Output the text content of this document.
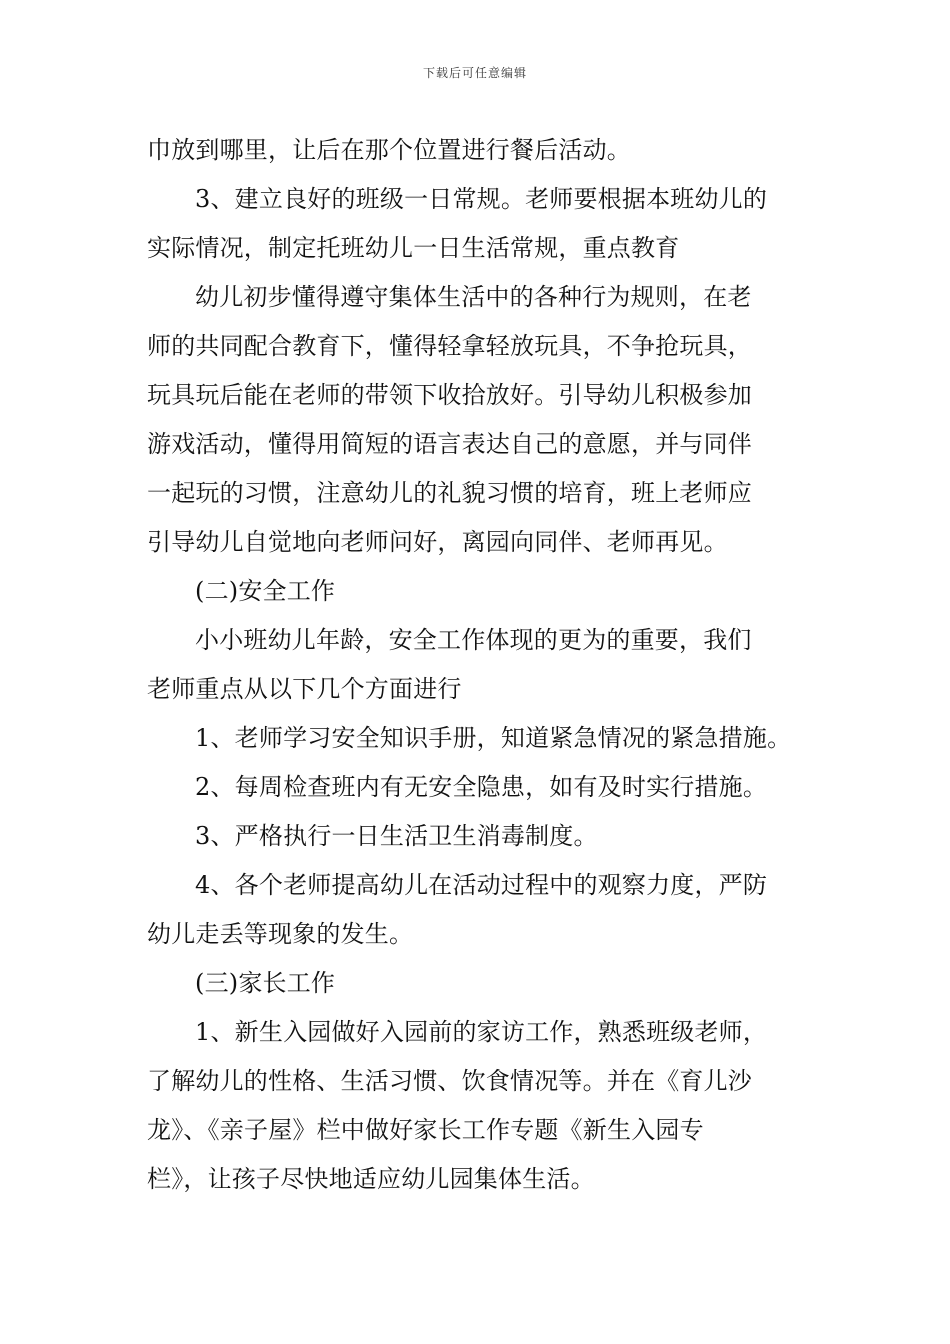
下载后可任意编辑
巾放到哪里，让后在那个位置进行餐后活动。
3、建立良好的班级一日常规。老师要根据本班幼儿的
实际情况，制定托班幼儿一日生活常规，重点教育
幼儿初步懂得遵守集体生活中的各种行为规则，在老
师的共同配合教育下，懂得轻拿轻放玩具，不争抢玩具，
玩具玩后能在老师的带领下收拾放好。引导幼儿积极参加
游戏活动，懂得用简短的语言表达自己的意愿，并与同伴
一起玩的习惯，注意幼儿的礼貌习惯的培育，班上老师应
引导幼儿自觉地向老师问好，离园向同伴、老师再见。
(二)安全工作
小小班幼儿年龄，安全工作体现的更为的重要，我们
老师重点从以下几个方面进行
1、老师学习安全知识手册，知道紧急情况的紧急措施。
2、每周检查班内有无安全隐患，如有及时实行措施。
3、严格执行一日生活卫生消毒制度。
4、各个老师提高幼儿在活动过程中的观察力度，严防
幼儿走丢等现象的发生。
(三)家长工作
1、新生入园做好入园前的家访工作，熟悉班级老师，
了解幼儿的性格、生活习惯、饮食情况等。并在《育儿沙
龙》、《亲子屋》栏中做好家长工作专题《新生入园专
栏》，让孩子尽快地适应幼儿园集体生活。
